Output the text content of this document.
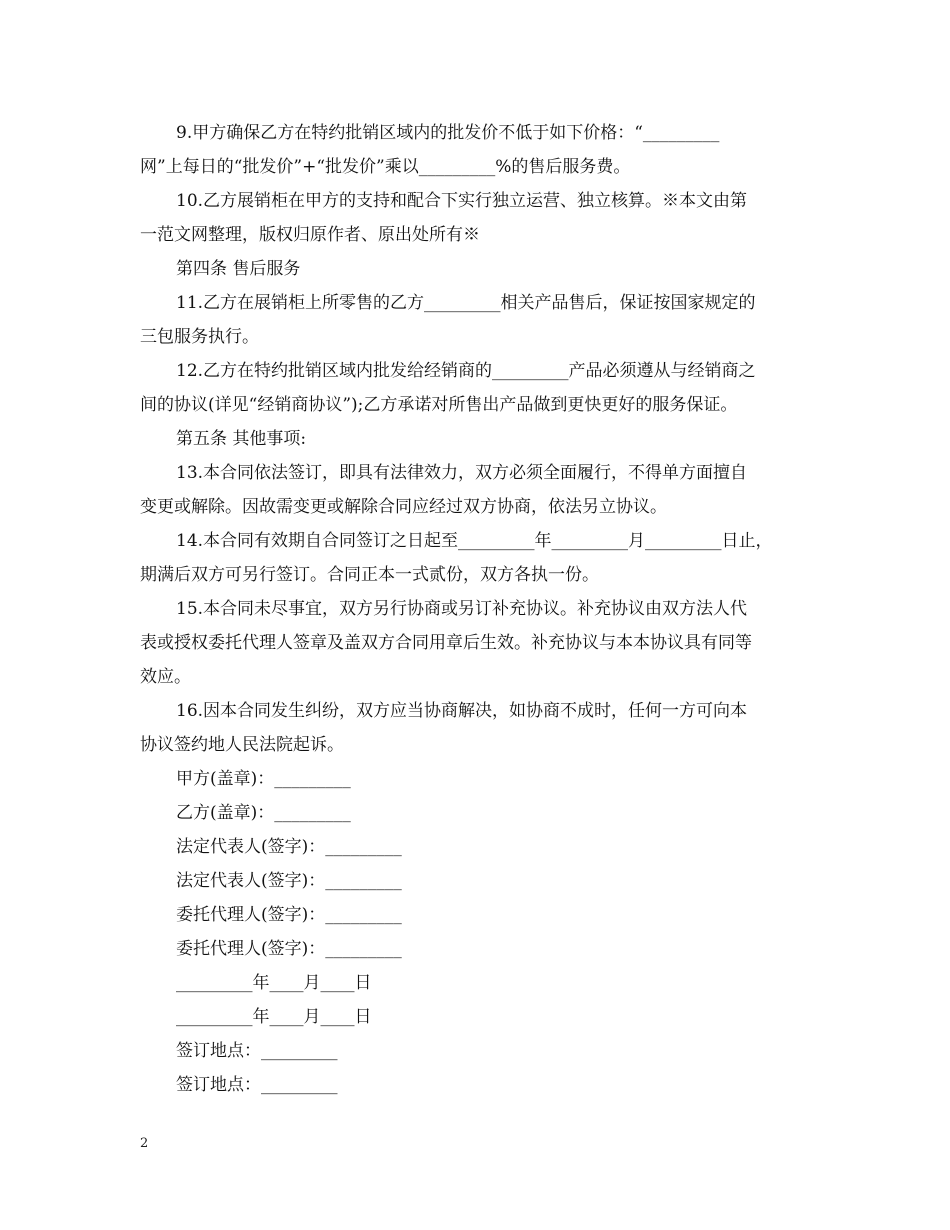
9.甲方确保乙方在特约批销区域内的批发价不低于如下价格：“_________
网”上每日的“批发价”+“批发价”乘以_________%的售后服务费。
10.乙方展销柜在甲方的支持和配合下实行独立运营、独立核算。※本文由第
一范文网整理，版权归原作者、原出处所有※
第四条 售后服务
11.乙方在展销柜上所零售的乙方_________相关产品售后，保证按国家规定的
三包服务执行。
12.乙方在特约批销区域内批发给经销商的_________产品必须遵从与经销商之
间的协议(详见“经销商协议”);乙方承诺对所售出产品做到更快更好的服务保证。
第五条 其他事项:
13.本合同依法签订，即具有法律效力，双方必须全面履行，不得单方面擅自
变更或解除。因故需变更或解除合同应经过双方协商，依法另立协议。
14.本合同有效期自合同签订之日起至_________年_________月_________日止，
期满后双方可另行签订。合同正本一式贰份，双方各执一份。
15.本合同未尽事宜，双方另行协商或另订补充协议。补充协议由双方法人代
表或授权委托代理人签章及盖双方合同用章后生效。补充协议与本本协议具有同等
效应。
16.因本合同发生纠纷，双方应当协商解决，如协商不成时，任何一方可向本
协议签约地人民法院起诉。
甲方(盖章)：_________
乙方(盖章)：_________
法定代表人(签字)：_________
法定代表人(签字)：_________
委托代理人(签字)：_________
委托代理人(签字)：_________
_________年____月____日
_________年____月____日
签订地点：_________
签订地点：_________
2
